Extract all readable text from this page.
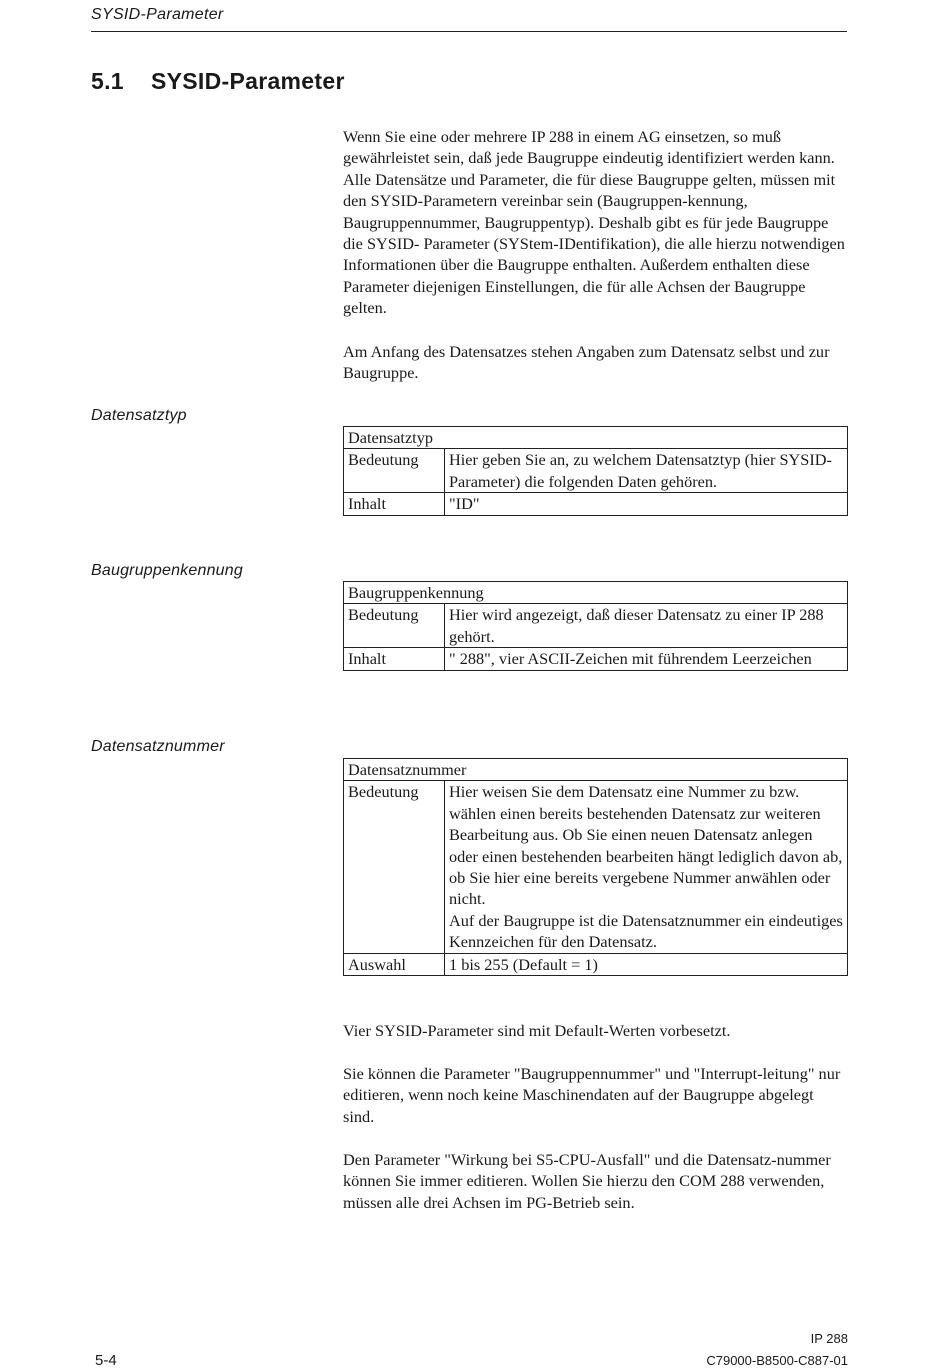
SYSID-Parameter
5.1 SYSID-Parameter

Wenn Sie eine oder mehrere IP 288 in einem AG einsetzen, so muß gewährleistet sein, daß jede Baugruppe eindeutig identifiziert werden kann. Alle Datensätze und Parameter, die für diese Baugruppe gelten, müssen mit den SYSID-Parametern vereinbar sein (Baugruppen-kennung, Baugruppennummer, Baugruppentyp). Deshalb gibt es für jede Baugruppe die SYSID- Parameter (SYStem-IDentifikation), die alle hierzu notwendigen Informationen über die Baugruppe enthalten. Außerdem enthalten diese Parameter diejenigen Einstellungen, die für alle Achsen der Baugruppe gelten.

Am Anfang des Datensatzes stehen Angaben zum Datensatz selbst und zur Baugruppe.

Datensatztyp

Datensatztyp	
Bedeutung	Hier geben Sie an, zu welchem Datensatztyp (hier SYSID-Parameter) die folgenden Daten gehören.
Inhalt	"ID"

Baugruppenkennung

Baugruppenkennung	
Bedeutung	Hier wird angezeigt, daß dieser Datensatz zu einer IP 288 gehört.
Inhalt	" 288", vier ASCII-Zeichen mit führendem Leerzeichen

Datensatznummer

Datensatznummer	
Bedeutung	Hier weisen Sie dem Datensatz eine Nummer zu bzw. wählen einen bereits bestehenden Datensatz zur weiteren Bearbeitung aus. Ob Sie einen neuen Datensatz anlegen oder einen bestehenden bearbeiten hängt lediglich davon ab, ob Sie hier eine bereits vergebene Nummer anwählen oder nicht.
Auf der Baugruppe ist die Datensatznummer ein eindeutiges Kennzeichen für den Datensatz.
Auswahl	1 bis 255 (Default = 1)

Vier SYSID-Parameter sind mit Default-Werten vorbesetzt.

Sie können die Parameter "Baugruppennummer" und "Interrupt-leitung" nur editieren, wenn noch keine Maschinendaten auf der Baugruppe abgelegt sind.

Den Parameter "Wirkung bei S5-CPU-Ausfall" und die Datensatz-nummer können Sie immer editieren. Wollen Sie hierzu den COM 288 verwenden, müssen alle drei Achsen im PG-Betrieb sein.

IP 288
C79000-B8500-C887-01
5-4
